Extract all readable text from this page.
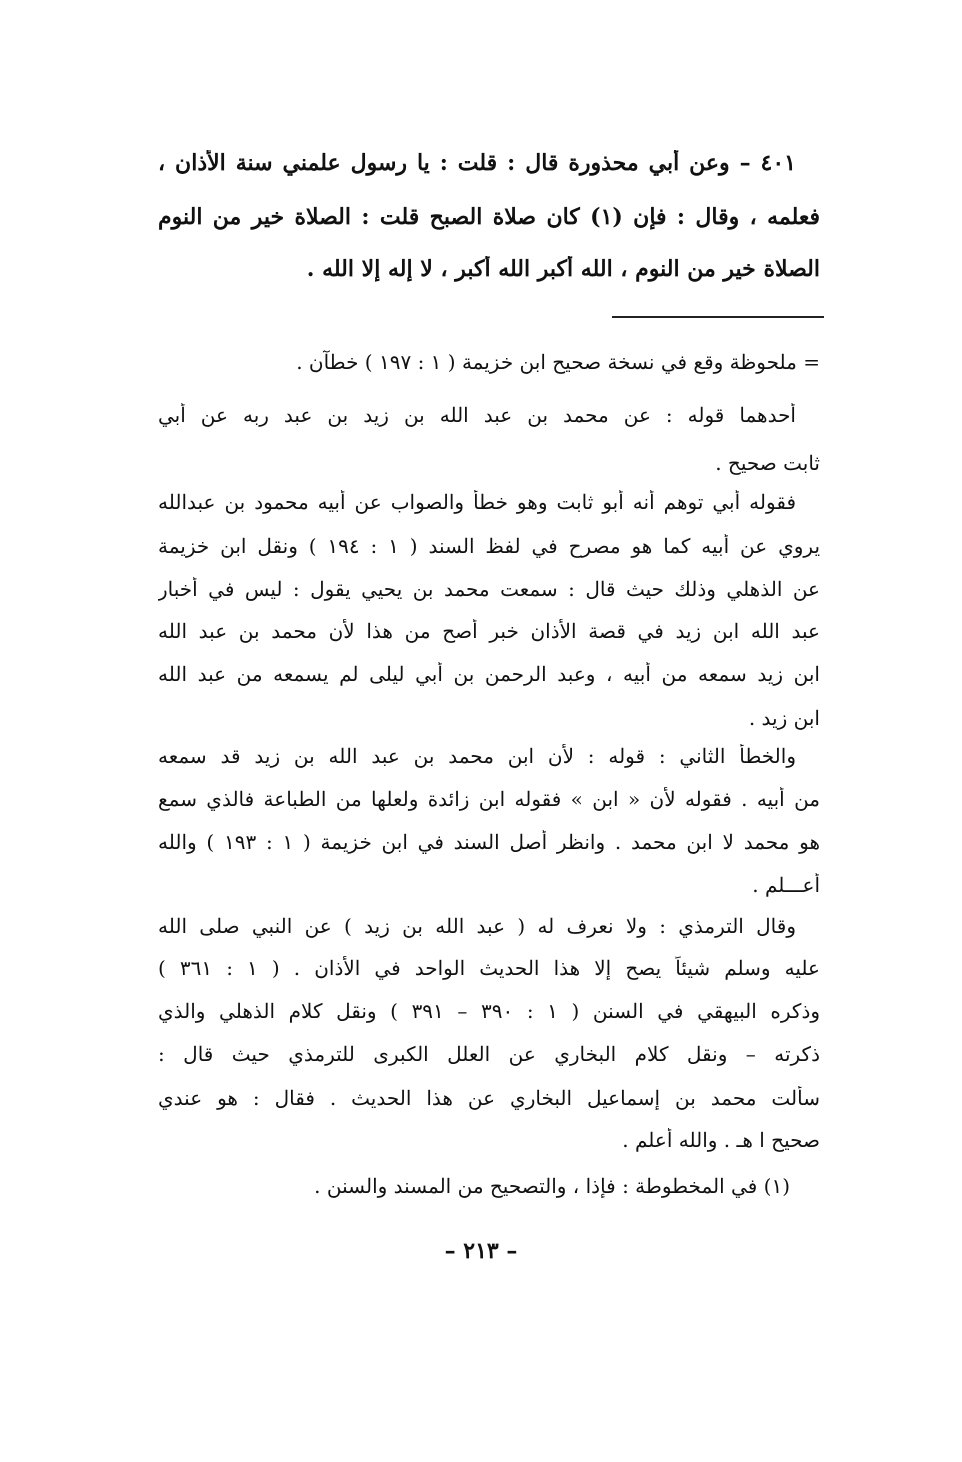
٤٠١ – وعن أبي محذورة قال : قلت : يا رسول علمني سنة الأذان ،
فعلمه ، وقال : فإن (١) كان صلاة الصبح قلت : الصلاة خير من النوم
الصلاة خير من النوم ، الله أكبر الله أكبر ، لا إله إلا الله .
= ملحوظة وقع في نسخة صحيح ابن خزيمة ( ١ : ١٩٧ ) خطآن .
أحدهما قوله : عن محمد بن عبد الله بن زيد بن عبد ربه عن أبي
ثابت صحيح .
فقوله أبي توهم أنه أبو ثابت وهو خطأ والصواب عن أبيه محمود بن عبدالله
يروي عن أبيه كما هو مصرح في لفظ السند ( ١ : ١٩٤ ) ونقل ابن خزيمة
عن الذهلي وذلك حيث قال : سمعت محمد بن يحيي يقول : ليس في أخبار
عبد الله ابن زيد في قصة الأذان خبر أصح من هذا لأن محمد بن عبد الله
ابن زيد سمعه من أبيه ، وعبد الرحمن بن أبي ليلى لم يسمعه من عبد الله
ابن زيد .
والخطأ الثاني : قوله : لأن ابن محمد بن عبد الله بن زيد قد سمعه
من أبيه . فقوله لأن « ابن » فقوله ابن زائدة ولعلها من الطباعة فالذي سمع
هو محمد لا ابن محمد . وانظر أصل السند في ابن خزيمة ( ١ : ١٩٣ ) والله
أعـــلم .
وقال الترمذي : ولا نعرف له ( عبد الله بن زيد ) عن النبي صلى الله
عليه وسلم شيئاً يصح إلا هذا الحديث الواحد في الأذان . ( ١ : ٣٦١ )
وذكره البيهقي في السنن ( ١ : ٣٩٠ – ٣٩١ ) ونقل كلام الذهلي والذي
ذكرته – ونقل كلام البخاري عن العلل الكبرى للترمذي حيث قال :
سألت محمد بن إسماعيل البخاري عن هذا الحديث . فقال : هو عندي
صحيح ا هـ . والله أعلم .
(١) في المخطوطة : فإذا ، والتصحيح من المسند والسنن .
– ٢١٣ –
